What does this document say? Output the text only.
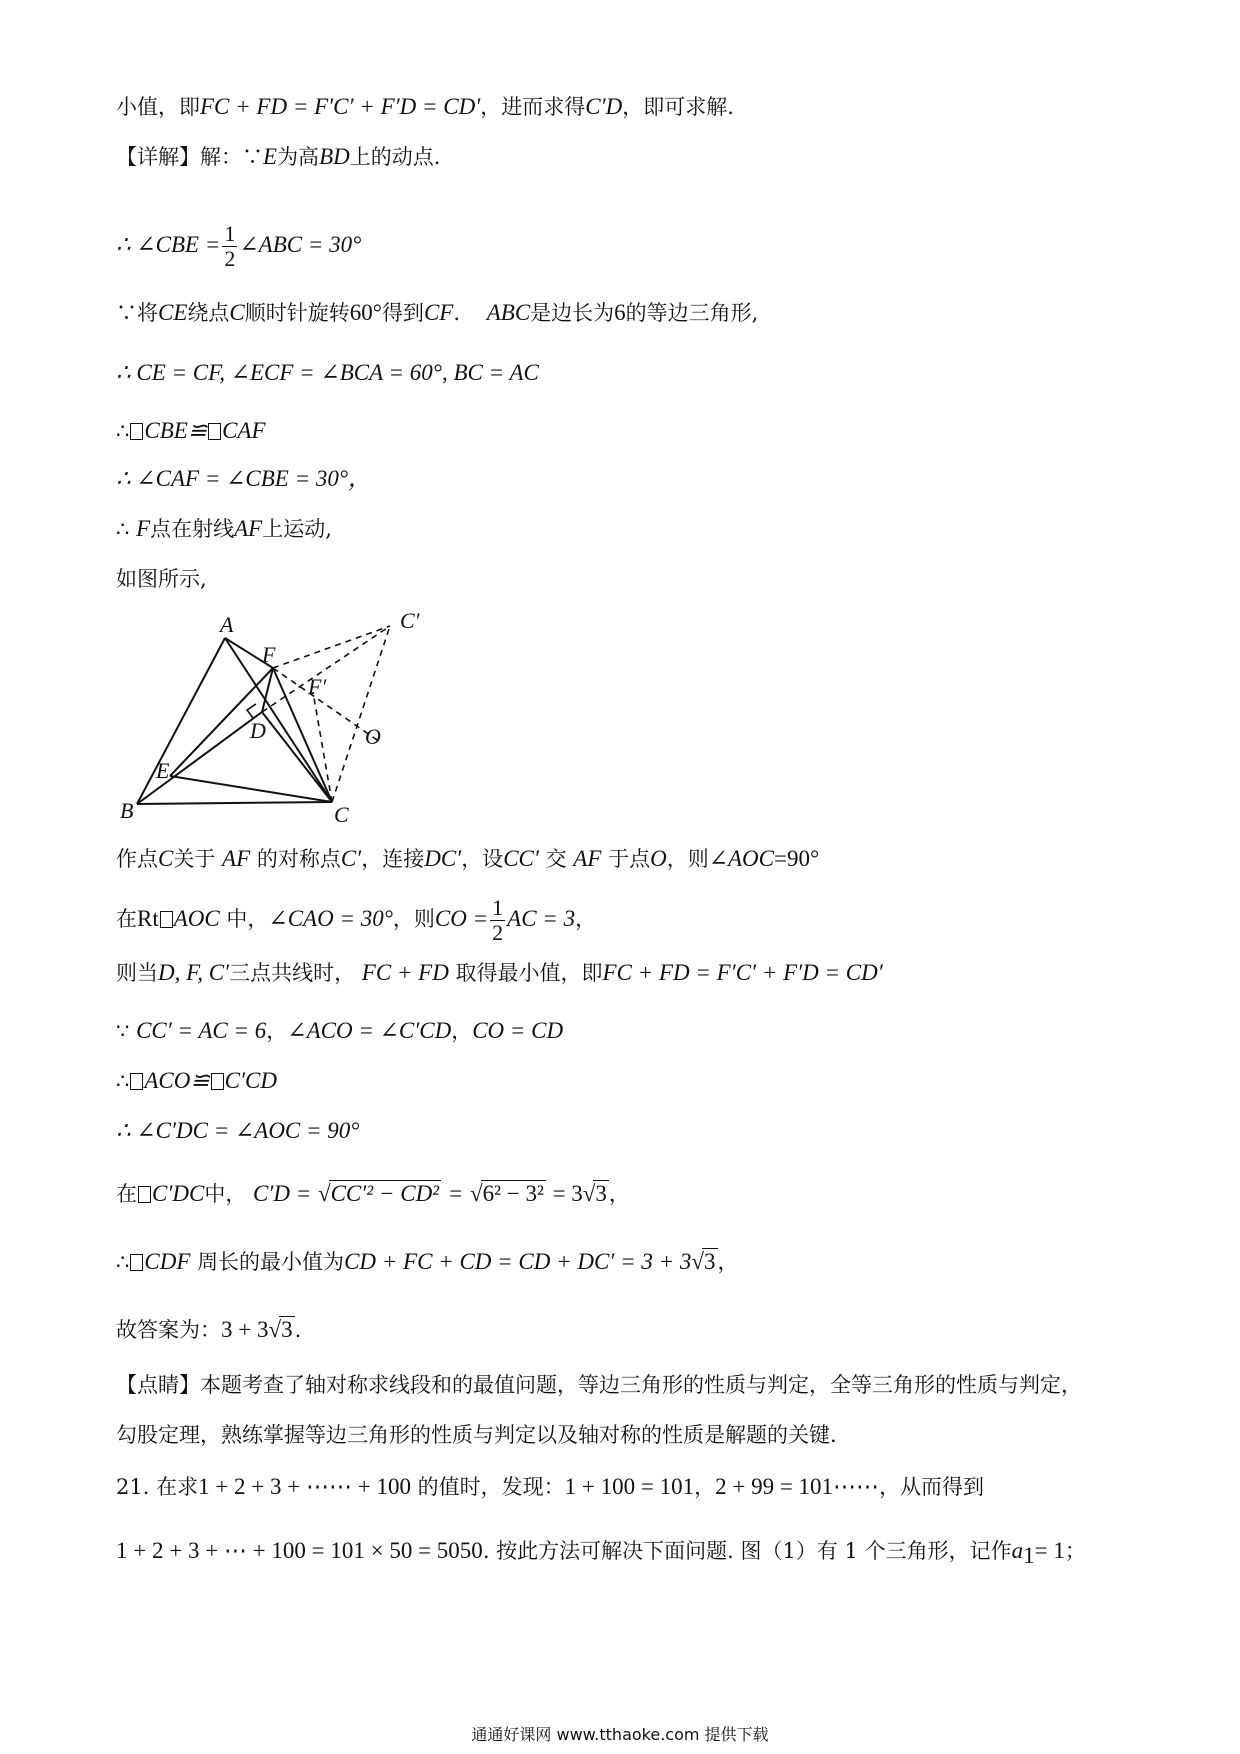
小值，即FC + FD = F′C′ + F′D = CD′，进而求得C′D，即可求解.
【详解】解：∵E为高BD上的动点.
∴ ∠CBE = $\frac{1}{2}$ ∠ABC = 30°
∵将CE绕点C顺时针旋转60°得到CF. ABC是边长为6的等边三角形,
∴ CE = CF, ∠ECF = ∠BCA = 60°, BC = AC
∴ CBE≌ CAF
∴ ∠CAF = ∠CBE = 30°，
∴ F点在射线AF上运动,
如图所示,
A
B	C
D
E
F
F′
C′
O
作点C关于 AF 的对称点C′，连接DC′，设CC′ 交 AF 于点O，则∠AOC=90°
在Rt AOC 中，∠CAO = 30°，则CO = $\frac{1}{2}$ AC = 3，
则当D, F, C′三点共线时， FC + FD 取得最小值，即FC + FD = F′C′ + F′D = CD′
∵ CC′ = AC = 6，∠ACO = ∠C′CD，CO = CD
∴ ACO≌ C′CD
∴ ∠C′DC = ∠AOC = 90°
在 C′DC中， C′D = √CC′² − CD² = √6² − 3² = 3√3，
∴ CDF 周长的最小值为CD + FC + CD = CD + DC′ = 3 + 3√3，
故答案为：3 + 3√3.
【点睛】本题考查了轴对称求线段和的最值问题，等边三角形的性质与判定，全等三角形的性质与判定，
勾股定理，熟练掌握等边三角形的性质与判定以及轴对称的性质是解题的关键.
21. 在求1 + 2 + 3 + ⋯⋯ + 100 的值时，发现：1 + 100 = 101，2 + 99 = 101⋯⋯，从而得到
1 + 2 + 3 + ⋯ + 100 = 101 × 50 = 5050. 按此方法可解决下面问题. 图（1）有 1 个三角形，记作$a_1= 1$；
通通好课网 www.tthaoke.com 提供下载
